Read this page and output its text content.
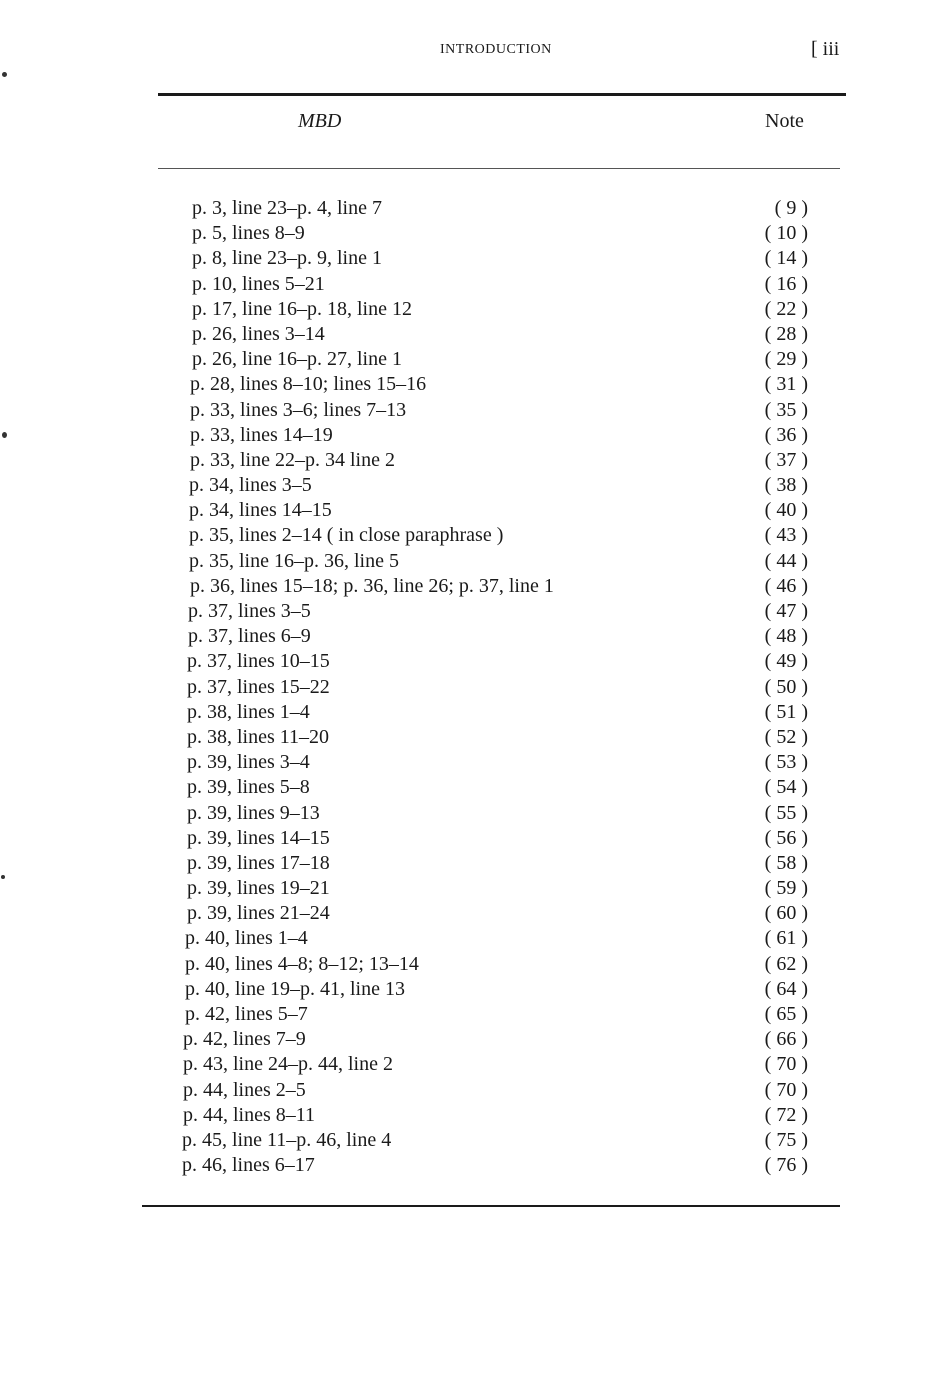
INTRODUCTION	[ iii
MBD	Note
p. 3, line 23–p. 4, line 7	( 9 )
p. 5, lines 8–9	( 10 )
p. 8, line 23–p. 9, line 1	( 14 )
p. 10, lines 5–21	( 16 )
p. 17, line 16–p. 18, line 12	( 22 )
p. 26, lines 3–14	( 28 )
p. 26, line 16–p. 27, line 1	( 29 )
p. 28, lines 8–10; lines 15–16	( 31 )
p. 33, lines 3–6; lines 7–13	( 35 )
p. 33, lines 14–19	( 36 )
p. 33, line 22–p. 34 line 2	( 37 )
p. 34, lines 3–5	( 38 )
p. 34, lines 14–15	( 40 )
p. 35, lines 2–14 ( in close paraphrase )	( 43 )
p. 35, line 16–p. 36, line 5	( 44 )
p. 36, lines 15–18; p. 36, line 26; p. 37, line 1	( 46 )
p. 37, lines 3–5	( 47 )
p. 37, lines 6–9	( 48 )
p. 37, lines 10–15	( 49 )
p. 37, lines 15–22	( 50 )
p. 38, lines 1–4	( 51 )
p. 38, lines 11–20	( 52 )
p. 39, lines 3–4	( 53 )
p. 39, lines 5–8	( 54 )
p. 39, lines 9–13	( 55 )
p. 39, lines 14–15	( 56 )
p. 39, lines 17–18	( 58 )
p. 39, lines 19–21	( 59 )
p. 39, lines 21–24	( 60 )
p. 40, lines 1–4	( 61 )
p. 40, lines 4–8; 8–12; 13–14	( 62 )
p. 40, line 19–p. 41, line 13	( 64 )
p. 42, lines 5–7	( 65 )
p. 42, lines 7–9	( 66 )
p. 43, line 24–p. 44, line 2	( 70 )
p. 44, lines 2–5	( 70 )
p. 44, lines 8–11	( 72 )
p. 45, line 11–p. 46, line 4	( 75 )
p. 46, lines 6–17	( 76 )
